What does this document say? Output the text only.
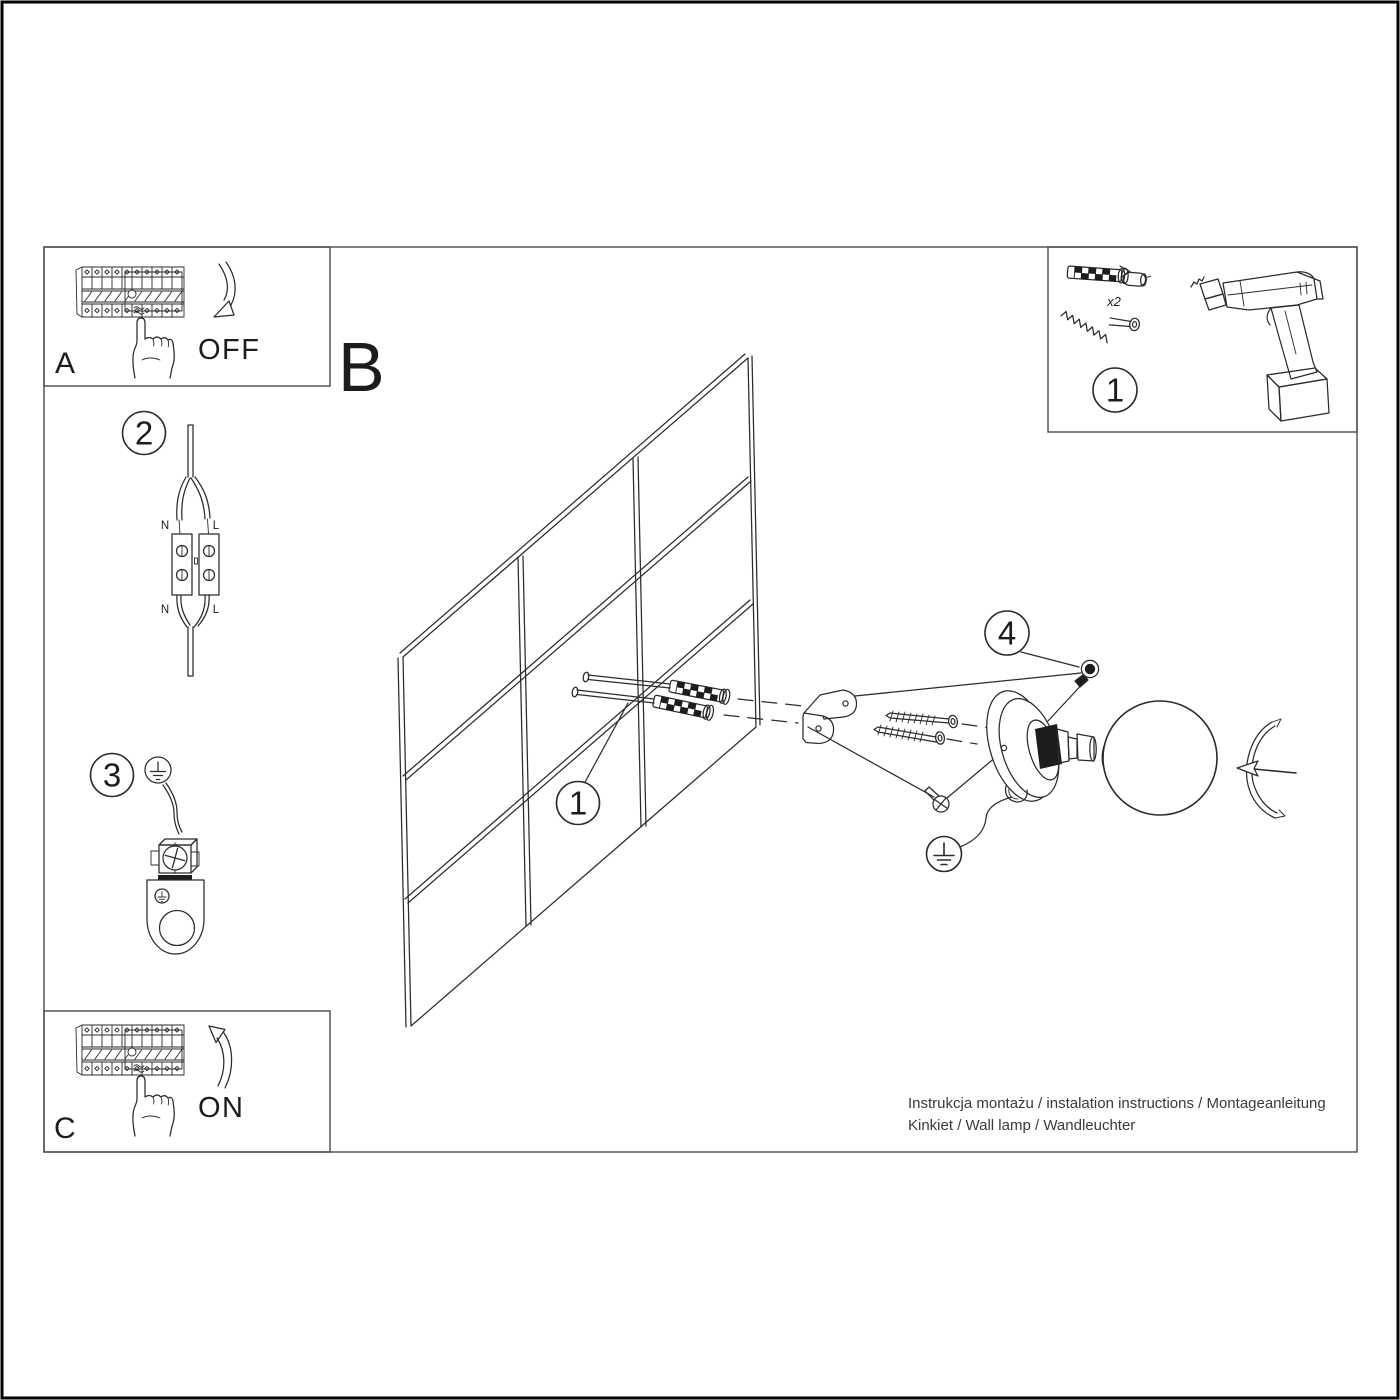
A	OFF
2
N	L
N	L
3
C
ON
x2
1
B
1
4
Instrukcja montażu / instalation instructions / Montageanleitung
Kinkiet / Wall lamp / Wandleuchter
